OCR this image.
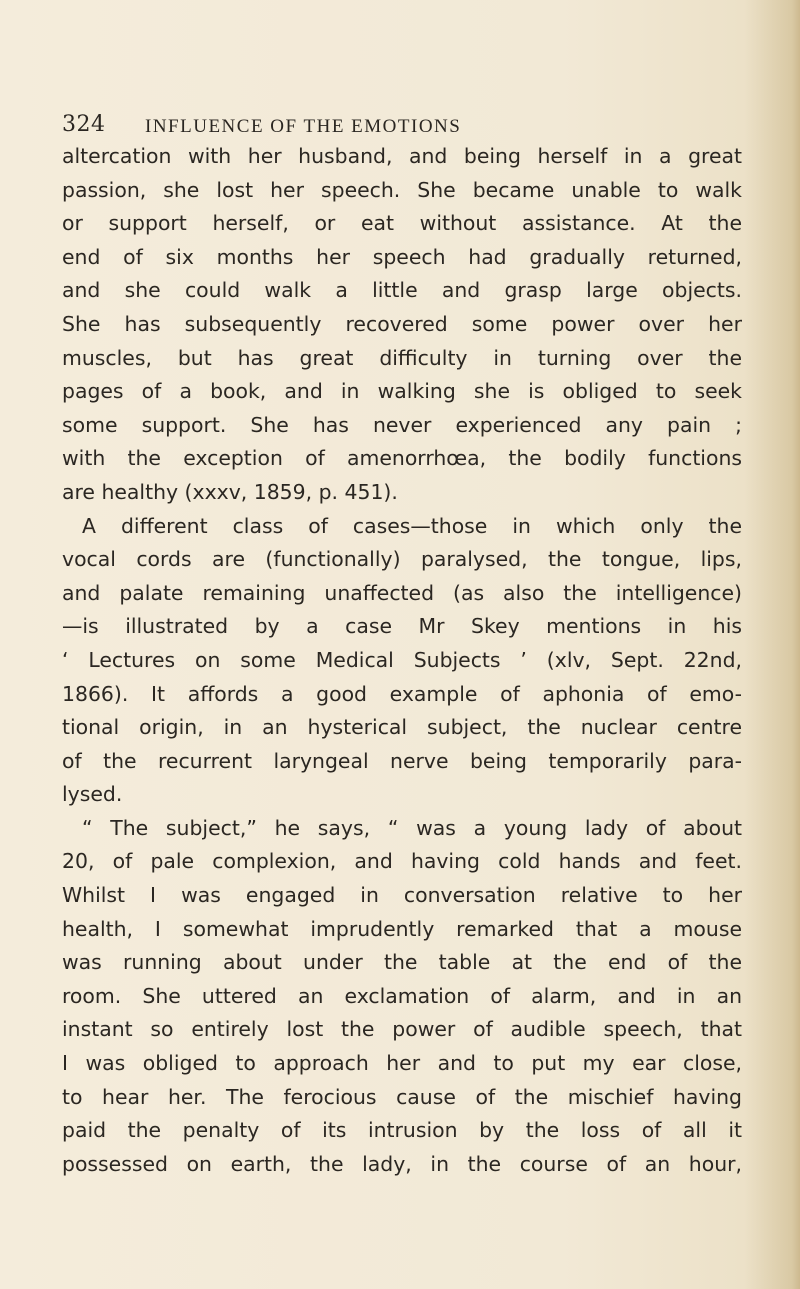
324 INFLUENCE OF THE EMOTIONS
altercation with her husband, and being herself in a great
passion, she lost her speech. She became unable to walk
or support herself, or eat without assistance. At the
end of six months her speech had gradually returned,
and she could walk a little and grasp large objects.
She has subsequently recovered some power over her
muscles, but has great difficulty in turning over the
pages of a book, and in walking she is obliged to seek
some support. She has never experienced any pain ;
with the exception of amenorrhœa, the bodily functions
are healthy (xxxv, 1859, p. 451).
A different class of cases—those in which only the
vocal cords are (functionally) paralysed, the tongue, lips,
and palate remaining unaffected (as also the intelligence)
—is illustrated by a case Mr Skey mentions in his
‘ Lectures on some Medical Subjects ’ (xlv, Sept. 22nd,
1866). It affords a good example of aphonia of emo-
tional origin, in an hysterical subject, the nuclear centre
of the recurrent laryngeal nerve being temporarily para-
lysed.
“ The subject,” he says, “ was a young lady of about
20, of pale complexion, and having cold hands and feet.
Whilst I was engaged in conversation relative to her
health, I somewhat imprudently remarked that a mouse
was running about under the table at the end of the
room. She uttered an exclamation of alarm, and in an
instant so entirely lost the power of audible speech, that
I was obliged to approach her and to put my ear close,
to hear her. The ferocious cause of the mischief having
paid the penalty of its intrusion by the loss of all it
possessed on earth, the lady, in the course of an hour,
